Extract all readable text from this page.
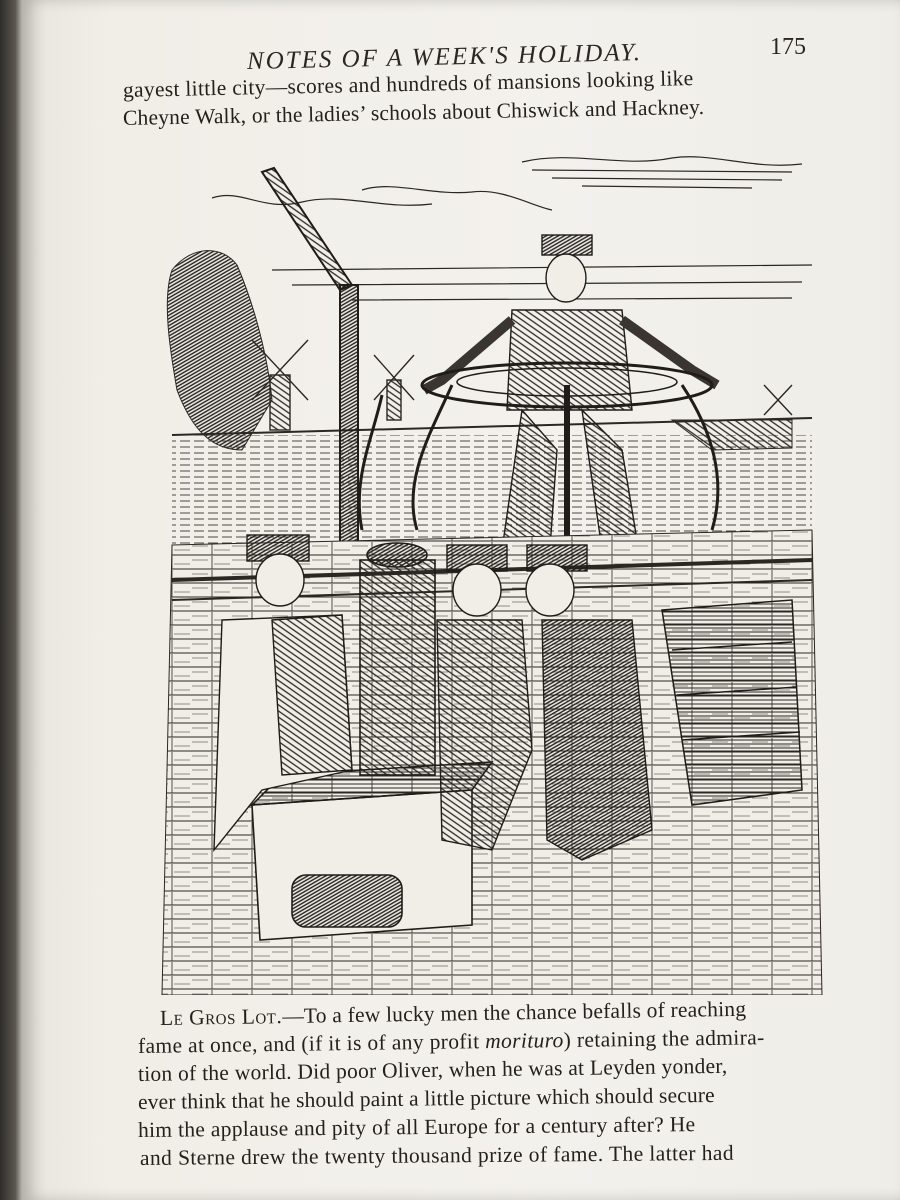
NOTES OF A WEEK'S HOLIDAY.	175
gayest little city—scores and hundreds of mansions looking like
Cheyne Walk, or the ladies’ schools about Chiswick and Hackney.
Le Gros Lot.—To a few lucky men the chance befalls of reaching
fame at once, and (if it is of any profit morituro) retaining the admira-
tion of the world. Did poor Oliver, when he was at Leyden yonder,
ever think that he should paint a little picture which should secure
him the applause and pity of all Europe for a century after? He
and Sterne drew the twenty thousand prize of fame. The latter had
